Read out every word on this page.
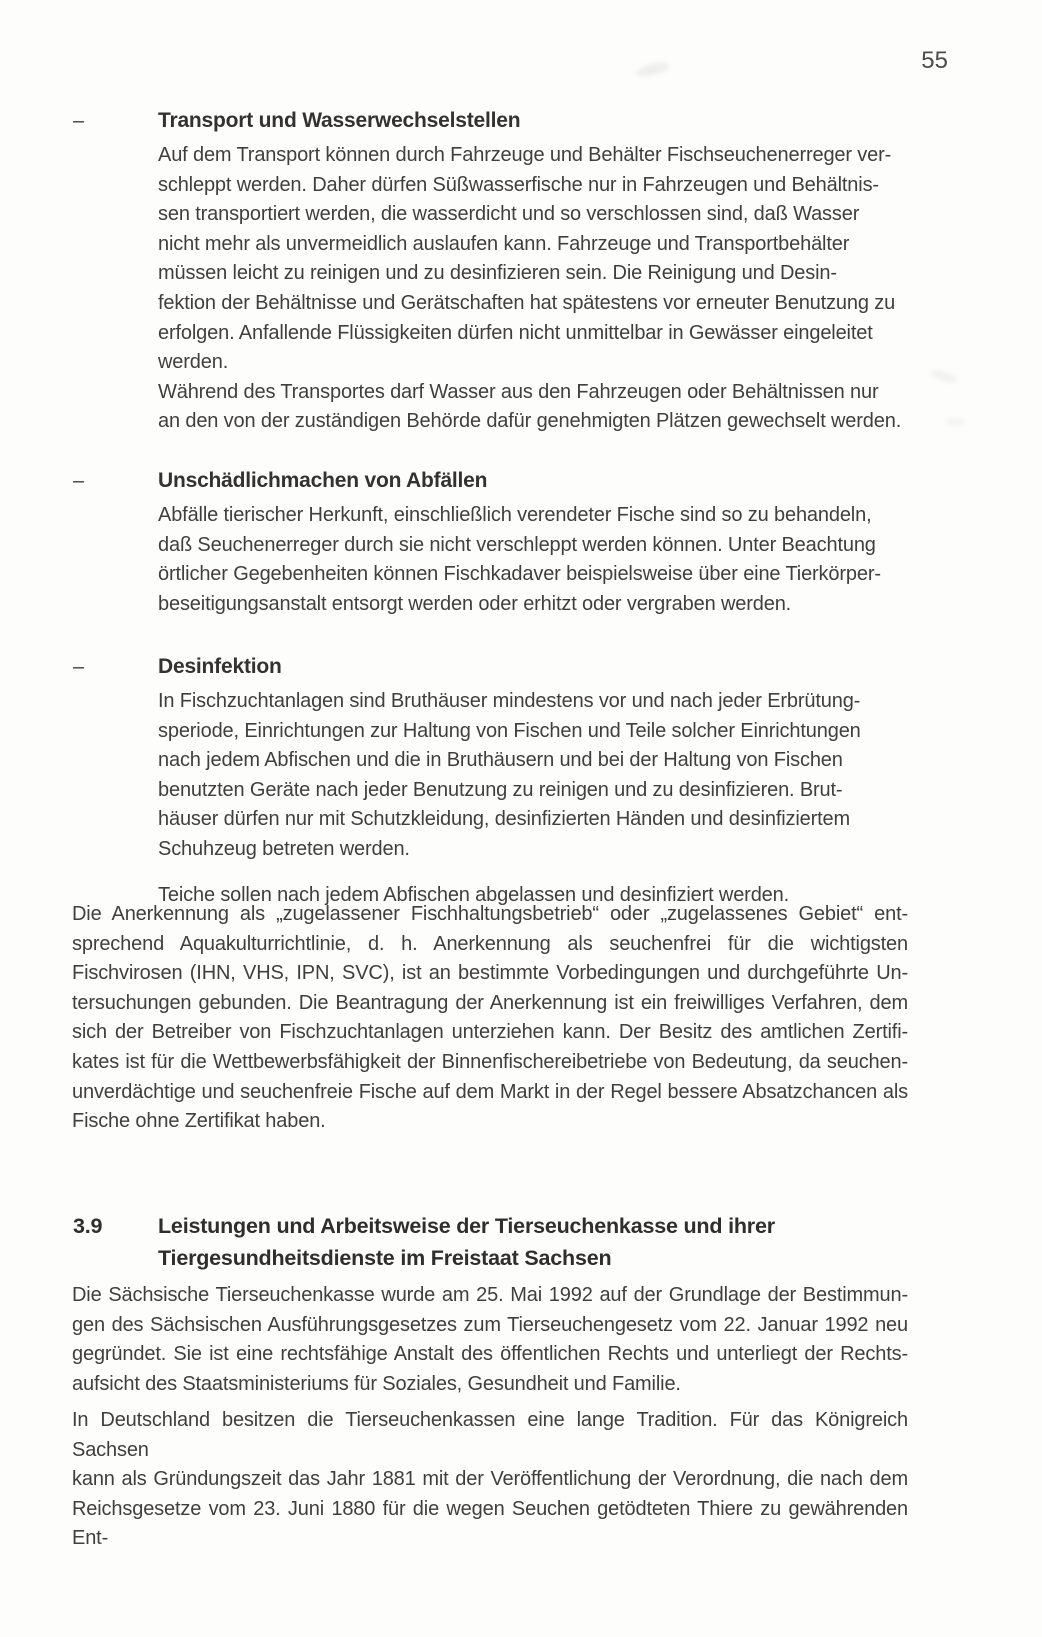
55
–	Transport und Wasserwechselstellen
Auf dem Transport können durch Fahrzeuge und Behälter Fischseuchenerreger ver-
schleppt werden. Daher dürfen Süßwasserfische nur in Fahrzeugen und Behältnis-
sen transportiert werden, die wasserdicht und so verschlossen sind, daß Wasser
nicht mehr als unvermeidlich auslaufen kann. Fahrzeuge und Transportbehälter
müssen leicht zu reinigen und zu desinfizieren sein. Die Reinigung und Desin-
fektion der Behältnisse und Gerätschaften hat spätestens vor erneuter Benutzung zu
erfolgen. Anfallende Flüssigkeiten dürfen nicht unmittelbar in Gewässer eingeleitet
werden.
Während des Transportes darf Wasser aus den Fahrzeugen oder Behältnissen nur
an den von der zuständigen Behörde dafür genehmigten Plätzen gewechselt werden.
–	Unschädlichmachen von Abfällen
Abfälle tierischer Herkunft, einschließlich verendeter Fische sind so zu behandeln,
daß Seuchenerreger durch sie nicht verschleppt werden können. Unter Beachtung
örtlicher Gegebenheiten können Fischkadaver beispielsweise über eine Tierkörper-
beseitigungsanstalt entsorgt werden oder erhitzt oder vergraben werden.
–	Desinfektion
In Fischzuchtanlagen sind Bruthäuser mindestens vor und nach jeder Erbrütung-
speriode, Einrichtungen zur Haltung von Fischen und Teile solcher Einrichtungen
nach jedem Abfischen und die in Bruthäusern und bei der Haltung von Fischen
benutzten Geräte nach jeder Benutzung zu reinigen und zu desinfizieren. Brut-
häuser dürfen nur mit Schutzkleidung, desinfizierten Händen und desinfiziertem
Schuhzeug betreten werden.

Teiche sollen nach jedem Abfischen abgelassen und desinfiziert werden.

Die Anerkennung als „zugelassener Fischhaltungsbetrieb“ oder „zugelassenes Gebiet“ ent-
sprechend Aquakulturrichtlinie, d. h. Anerkennung als seuchenfrei für die wichtigsten
Fischvirosen (IHN, VHS, IPN, SVC), ist an bestimmte Vorbedingungen und durchgeführte Un-
tersuchungen gebunden. Die Beantragung der Anerkennung ist ein freiwilliges Verfahren, dem
sich der Betreiber von Fischzuchtanlagen unterziehen kann. Der Besitz des amtlichen Zertifi-
kates ist für die Wettbewerbsfähigkeit der Binnenfischereibetriebe von Bedeutung, da seuchen-
unverdächtige und seuchenfreie Fische auf dem Markt in der Regel bessere Absatzchancen als
Fische ohne Zertifikat haben.
3.9	Leistungen und Arbeitsweise der Tierseuchenkasse und ihrer
Tiergesundheitsdienste im Freistaat Sachsen
Die Sächsische Tierseuchenkasse wurde am 25. Mai 1992 auf der Grundlage der Bestimmun-
gen des Sächsischen Ausführungsgesetzes zum Tierseuchengesetz vom 22. Januar 1992 neu
gegründet. Sie ist eine rechtsfähige Anstalt des öffentlichen Rechts und unterliegt der Rechts-
aufsicht des Staatsministeriums für Soziales, Gesundheit und Familie.
In Deutschland besitzen die Tierseuchenkassen eine lange Tradition. Für das Königreich Sachsen
kann als Gründungszeit das Jahr 1881 mit der Veröffentlichung der Verordnung, die nach dem
Reichsgesetze vom 23. Juni 1880 für die wegen Seuchen getödteten Thiere zu gewährenden Ent-
